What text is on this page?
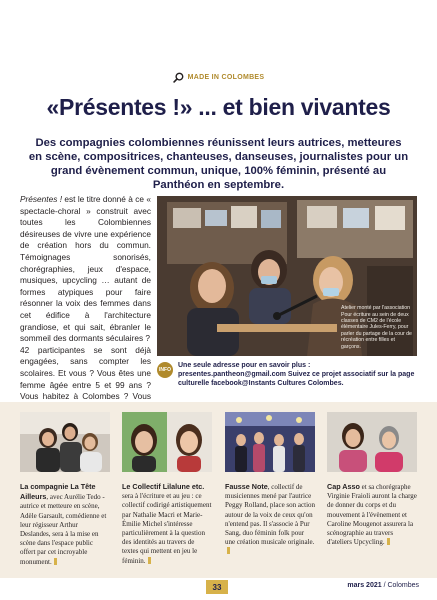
MADE IN COLOMBES
«Présentes !» ... et bien vivantes

Des compagnies colombiennes réunissent leurs autrices, metteures en scène, compositrices, chanteuses, danseuses, journalistes pour un grand évènement commun, unique, 100% féminin, présenté au Panthéon en septembre.

Présentes ! est le titre donné à ce « spectacle-choral » construit avec toutes les Colombiennes désireuses de vivre une expérience de création hors du commun. Témoignages sonorisés, chorégraphies, jeux d'espace, musiques, upcycling … autant de formes atypiques pour faire résonner la voix des femmes dans cet édifice à l'architecture grandiose, et qui sait, ébranler le sommeil des dormants séculaires ?

42 participantes se sont déjà engagées, sans compter les scolaires. Et vous ? Vous êtes une femme âgée entre 5 et 99 ans ? Vous habitez à Colombes ? Vous

Atelier monté par l'association Pour écriture au sein de deux classes de CM2 de l'école élémentaire Jules-Ferry, pour parler du partage de la cour de récréation entre filles et garçons.
INFO

Une seule adresse pour en savoir plus : presentes.pantheon@gmail.com Suivez ce projet associatif sur la page culturelle facebook@Instants Cultures Colombes.

La compagnie La Tête Ailleurs, avec Aurélie Tedo - autrice et metteure en scène, Adèle Garsault, comédienne et leur régisseur Arthur Deslandes, sera à la mise en scène dans l'espace public offert par cet incroyable monument.

Le Collectif Lilalune etc. sera à l'écriture et au jeu : ce collectif codirigé artistiquement par Nathalie Macri et Marie-Émilie Michel s'intéresse particulièrement à la question des identités au travers de textes qui mettent en jeu le féminin.

Fausse Note, collectif de musiciennes mené par l'autrice Peggy Rolland, place son action autour de la voix de ceux qu'on n'entend pas. Il s'associe à Pur Sang, duo féminin folk pour une création musicale originale.

Cap Asso et sa chorégraphe Virginie Fraioli auront la charge de donner du corps et du mouvement à l'évènement et Caroline Mougenot assurera la scénographie au travers d'ateliers Upcycling.

33	mars 2021 / Colombes
